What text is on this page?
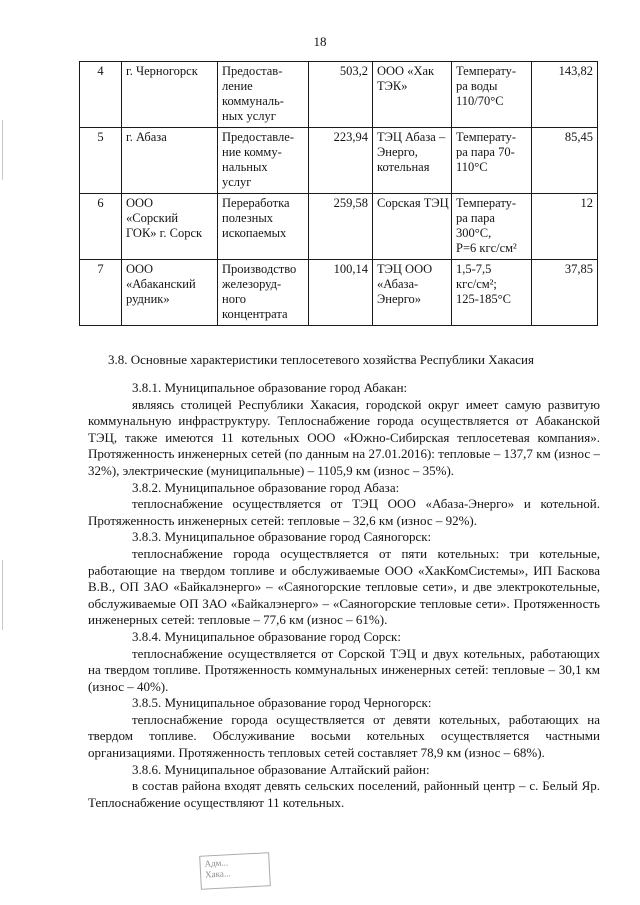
18
4	г. Черногорск	Предостав-
ление
коммуналь-
ных услуг	503,2	ООО «Хак
ТЭК»	Температу-
ра воды
110/70°С	143,82
5	г. Абаза	Предоставле-
ние комму-
нальных
услуг	223,94	ТЭЦ Абаза –
Энерго,
котельная	Температу-
ра пара 70-
110°С	85,45
6	ООО
«Сорский
ГОК» г. Сорск	Переработка
полезных
ископаемых	259,58	Сорская ТЭЦ	Температу-
ра пара
300°С,
Р=6 кгс/см²	12
7	ООО
«Абаканский
рудник»	Производство
железоруд-
ного
концентрата	100,14	ТЭЦ ООО
«Абаза-
Энерго»	1,5-7,5
кгс/см²;
125-185°С	37,85
3.8. Основные характеристики теплосетевого хозяйства Республики Хакасия

3.8.1. Муниципальное образование город Абакан:

являясь столицей Республики Хакасия, городской округ имеет самую развитую коммунальную инфраструктуру. Теплоснабжение города осуществляется от Абаканской ТЭЦ, также имеются 11 котельных ООО «Южно-Сибирская теплосетевая компания». Протяженность инженерных сетей (по данным на 27.01.2016): тепловые – 137,7 км (износ – 32%), электрические (муниципальные) – 1105,9 км (износ – 35%).

3.8.2. Муниципальное образование город Абаза:

теплоснабжение осуществляется от ТЭЦ ООО «Абаза-Энерго» и котельной. Протяженность инженерных сетей: тепловые – 32,6 км (износ – 92%).

3.8.3. Муниципальное образование город Саяногорск:

теплоснабжение города осуществляется от пяти котельных: три котельные, работающие на твердом топливе и обслуживаемые ООО «ХакКомСистемы», ИП Баскова В.В., ОП ЗАО «Байкалэнерго» – «Саяногорские тепловые сети», и две электрокотельные, обслуживаемые ОП ЗАО «Байкалэнерго» – «Саяногорские тепловые сети». Протяженность инженерных сетей: тепловые – 77,6 км (износ – 61%).

3.8.4. Муниципальное образование город Сорск:

теплоснабжение осуществляется от Сорской ТЭЦ и двух котельных, работающих на твердом топливе. Протяженность коммунальных инженерных сетей: тепловые – 30,1 км (износ – 40%).

3.8.5. Муниципальное образование город Черногорск:

теплоснабжение города осуществляется от девяти котельных, работающих на твердом топливе. Обслуживание восьми котельных осуществляется частными организациями. Протяженность тепловых сетей составляет 78,9 км (износ – 68%).

3.8.6. Муниципальное образование Алтайский район:

в состав района входят девять сельских поселений, районный центр – с. Белый Яр. Теплоснабжение осуществляют 11 котельных.

Адм...
Хака...
